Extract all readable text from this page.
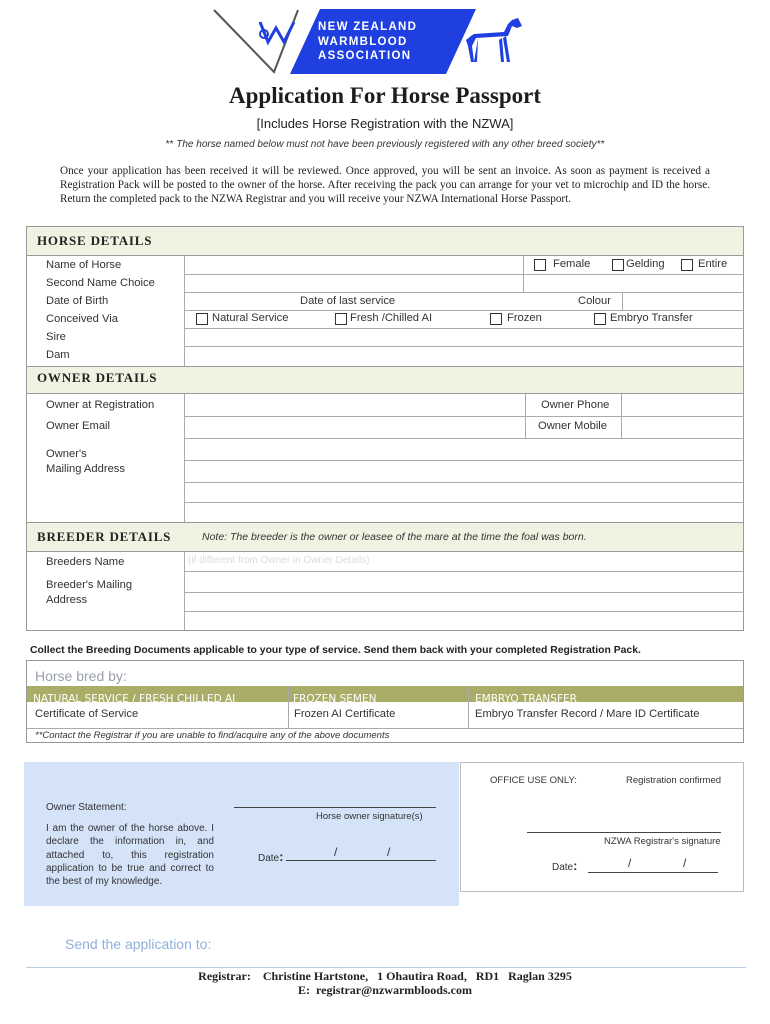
NEW ZEALAND
WARMBLOOD
ASSOCIATION
Application For Horse Passport
[Includes Horse Registration with the NZWA]
** The horse named below must not have been previously registered with any other breed society**
Once your application has been received it will be reviewed. Once approved, you will be sent an invoice. As soon as payment is received a Registration Pack will be posted to the owner of the horse. After receiving the pack you can arrange for your vet to microchip and ID the horse. Return the completed pack to the NZWA Registrar and you will receive your NZWA International Horse Passport.
HORSE DETAILS
Name of Horse	Female	Gelding	Entire
Second Name Choice
Date of Birth	Date of last service	Colour
Conceived Via	Natural Service	Fresh /Chilled AI	Frozen	Embryo Transfer
Sire
Dam
OWNER DETAILS
Owner at Registration	Owner Phone
Owner Email	Owner Mobile
Owner's
Mailing Address
BREEDER DETAILS	Note: The breeder is the owner or leasee of the mare at the time the foal was born.
Breeders Name	(if different from Owner in Owner Details)
Breeder's Mailing
Address
Collect the Breeding Documents applicable to your type of service. Send them back with your completed Registration Pack.
Horse bred by:
NATURAL SERVICE / FRESH CHILLED AI	FROZEN SEMEN	EMBRYO TRANSFER
Certificate of Service	Frozen AI Certificate	Embryo Transfer Record / Mare ID Certificate
**Contact the Registrar if you are unable to find/acquire any of the above documents
Owner Statement:
I am the owner of the horse above. I declare the information in, and attached to, this registration application to be true and correct to the best of my knowledge.
Horse owner signature(s)
Date:	/	/
OFFICE USE ONLY:	Registration confirmed
NZWA Registrar's signature
Date:	/	/
Send the application to:
Registrar:    Christine Hartstone,   1 Ohautira Road,   RD1   Raglan 3295
E:  registrar@nzwarmbloods.com
